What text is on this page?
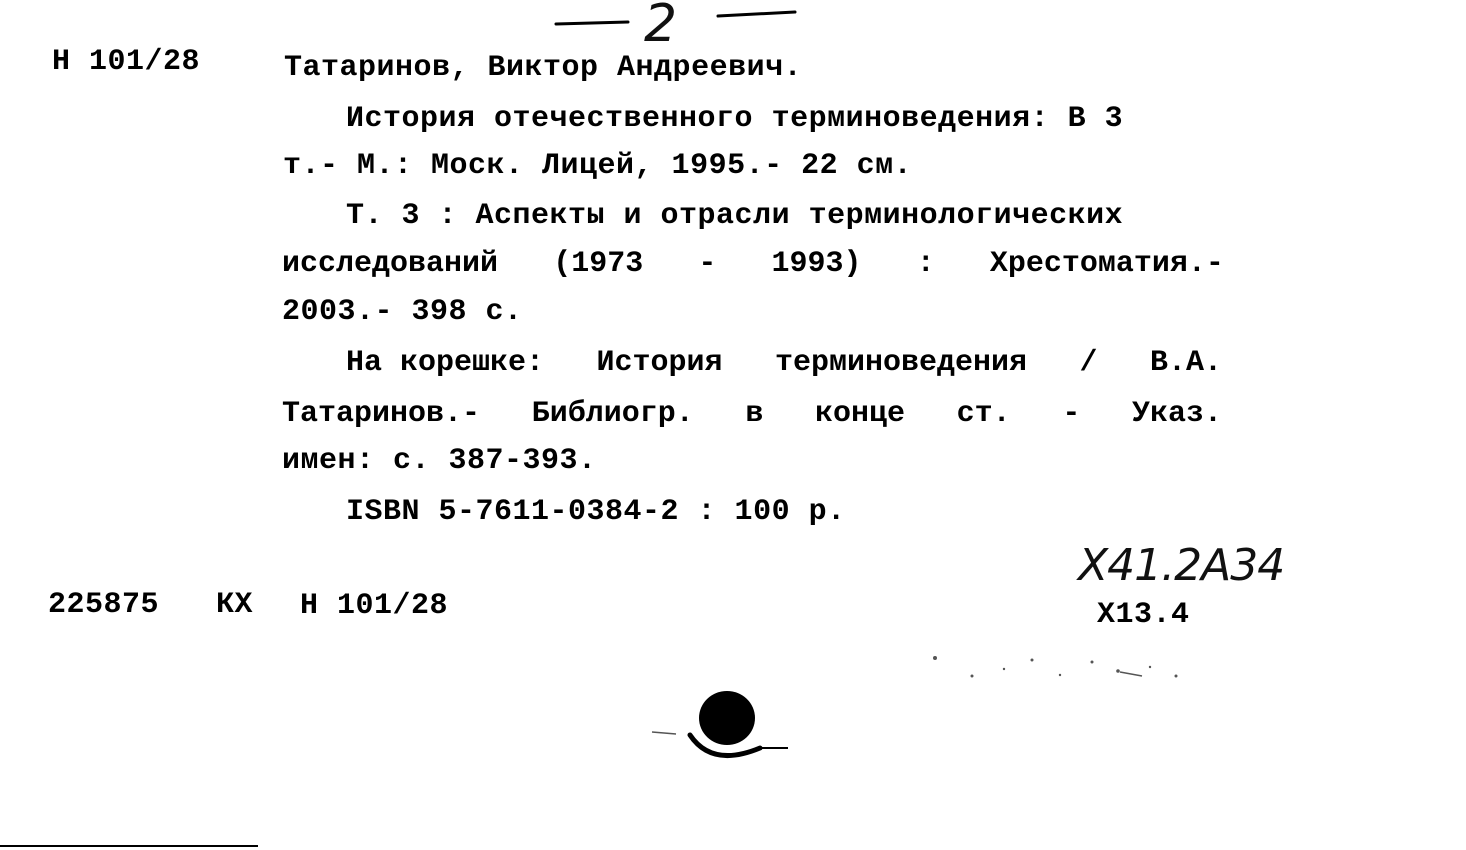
2
Н 101/28	Татаринов, Виктор Андреевич.
История отечественного терминоведения: В 3
т.- М.: Моск. Лицей, 1995.- 22 см.
Т. 3 : Аспекты и отрасли терминологических
исследований (1973 - 1993) : Хрестоматия.-
2003.- 398 с.
На корешке: История терминоведения / В.А.
Татаринов.- Библиогр. в конце ст. - Указ.
имен: с. 387-393.
ISBN 5-7611-0384-2 : 100 р.
225875 КХ Н 101/28
Х41.2А34
Х13.4
